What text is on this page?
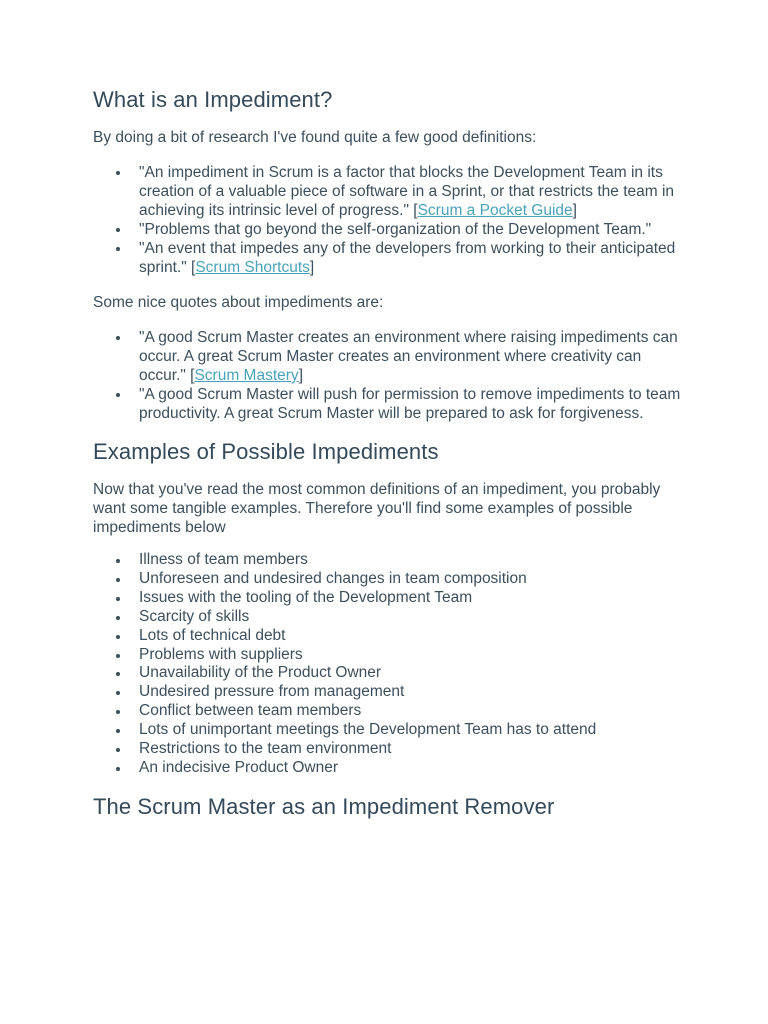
What is an Impediment?

By doing a bit of research I've found quite a few good definitions:

"An impediment in Scrum is a factor that blocks the Development Team in its creation of a valuable piece of software in a Sprint, or that restricts the team in achieving its intrinsic level of progress." [Scrum a Pocket Guide]
"Problems that go beyond the self-organization of the Development Team."
"An event that impedes any of the developers from working to their anticipated sprint." [Scrum Shortcuts]

Some nice quotes about impediments are:

"A good Scrum Master creates an environment where raising impediments can occur. A great Scrum Master creates an environment where creativity can occur." [Scrum Mastery]
"A good Scrum Master will push for permission to remove impediments to team productivity. A great Scrum Master will be prepared to ask for forgiveness.
Examples of Possible Impediments

Now that you've read the most common definitions of an impediment, you probably want some tangible examples. Therefore you'll find some examples of possible impediments below

Illness of team members
Unforeseen and undesired changes in team composition
Issues with the tooling of the Development Team
Scarcity of skills
Lots of technical debt
Problems with suppliers
Unavailability of the Product Owner
Undesired pressure from management
Conflict between team members
Lots of unimportant meetings the Development Team has to attend
Restrictions to the team environment
An indecisive Product Owner
The Scrum Master as an Impediment Remover
